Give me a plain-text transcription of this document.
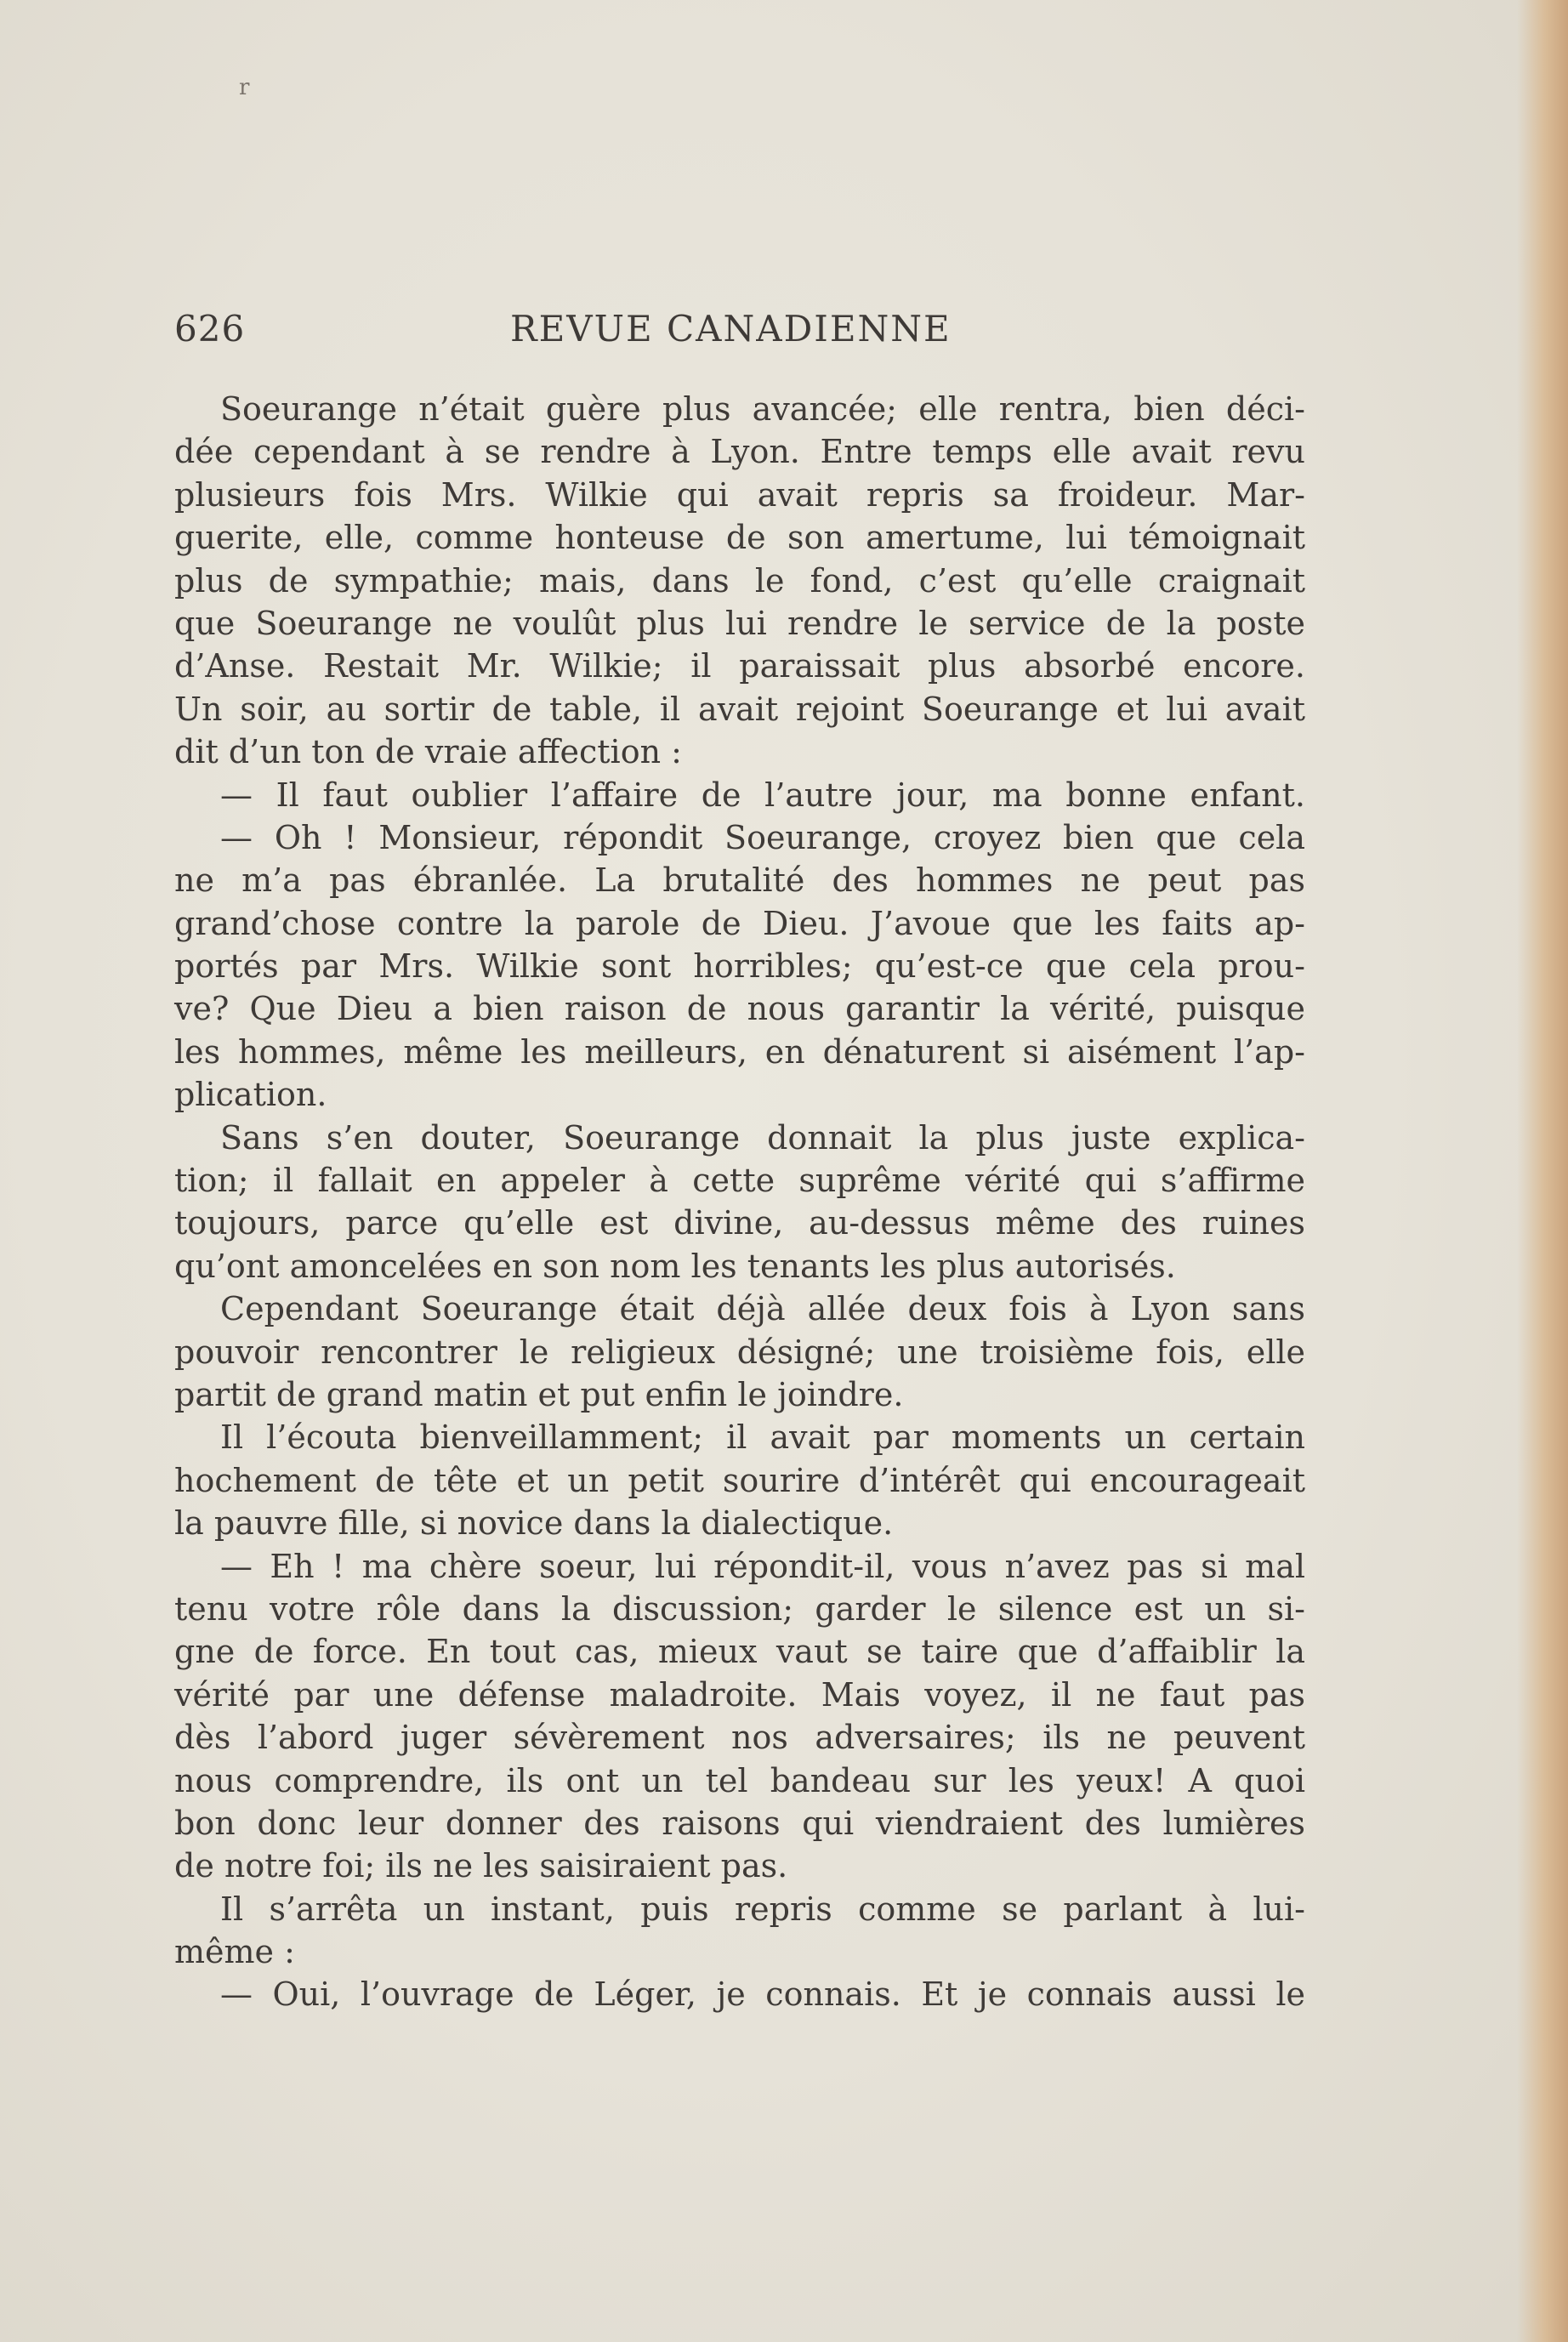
r
626	REVUE CANADIENNE
Soeurange n’était guère plus avancée; elle rentra, bien déci-
dée cependant à se rendre à Lyon. Entre temps elle avait revu
plusieurs fois Mrs. Wilkie qui avait repris sa froideur. Mar-
guerite, elle, comme honteuse de son amertume, lui témoignait
plus de sympathie; mais, dans le fond, c’est qu’elle craignait
que Soeurange ne voulût plus lui rendre le service de la poste
d’Anse. Restait Mr. Wilkie; il paraissait plus absorbé encore.
Un soir, au sortir de table, il avait rejoint Soeurange et lui avait
dit d’un ton de vraie affection :
— Il faut oublier l’affaire de l’autre jour, ma bonne enfant.
— Oh ! Monsieur, répondit Soeurange, croyez bien que cela
ne m’a pas ébranlée. La brutalité des hommes ne peut pas
grand’chose contre la parole de Dieu. J’avoue que les faits ap-
portés par Mrs. Wilkie sont horribles; qu’est-ce que cela prou-
ve? Que Dieu a bien raison de nous garantir la vérité, puisque
les hommes, même les meilleurs, en dénaturent si aisément l’ap-
plication.
Sans s’en douter, Soeurange donnait la plus juste explica-
tion; il fallait en appeler à cette suprême vérité qui s’affirme
toujours, parce qu’elle est divine, au-dessus même des ruines
qu’ont amoncelées en son nom les tenants les plus autorisés.
Cependant Soeurange était déjà allée deux fois à Lyon sans
pouvoir rencontrer le religieux désigné; une troisième fois, elle
partit de grand matin et put enfin le joindre.
Il l’écouta bienveillamment; il avait par moments un certain
hochement de tête et un petit sourire d’intérêt qui encourageait
la pauvre fille, si novice dans la dialectique.
— Eh ! ma chère soeur, lui répondit-il, vous n’avez pas si mal
tenu votre rôle dans la discussion; garder le silence est un si-
gne de force. En tout cas, mieux vaut se taire que d’affaiblir la
vérité par une défense maladroite. Mais voyez, il ne faut pas
dès l’abord juger sévèrement nos adversaires; ils ne peuvent
nous comprendre, ils ont un tel bandeau sur les yeux! A quoi
bon donc leur donner des raisons qui viendraient des lumières
de notre foi; ils ne les saisiraient pas.
Il s’arrêta un instant, puis repris comme se parlant à lui-
même :
— Oui, l’ouvrage de Léger, je connais. Et je connais aussi le
